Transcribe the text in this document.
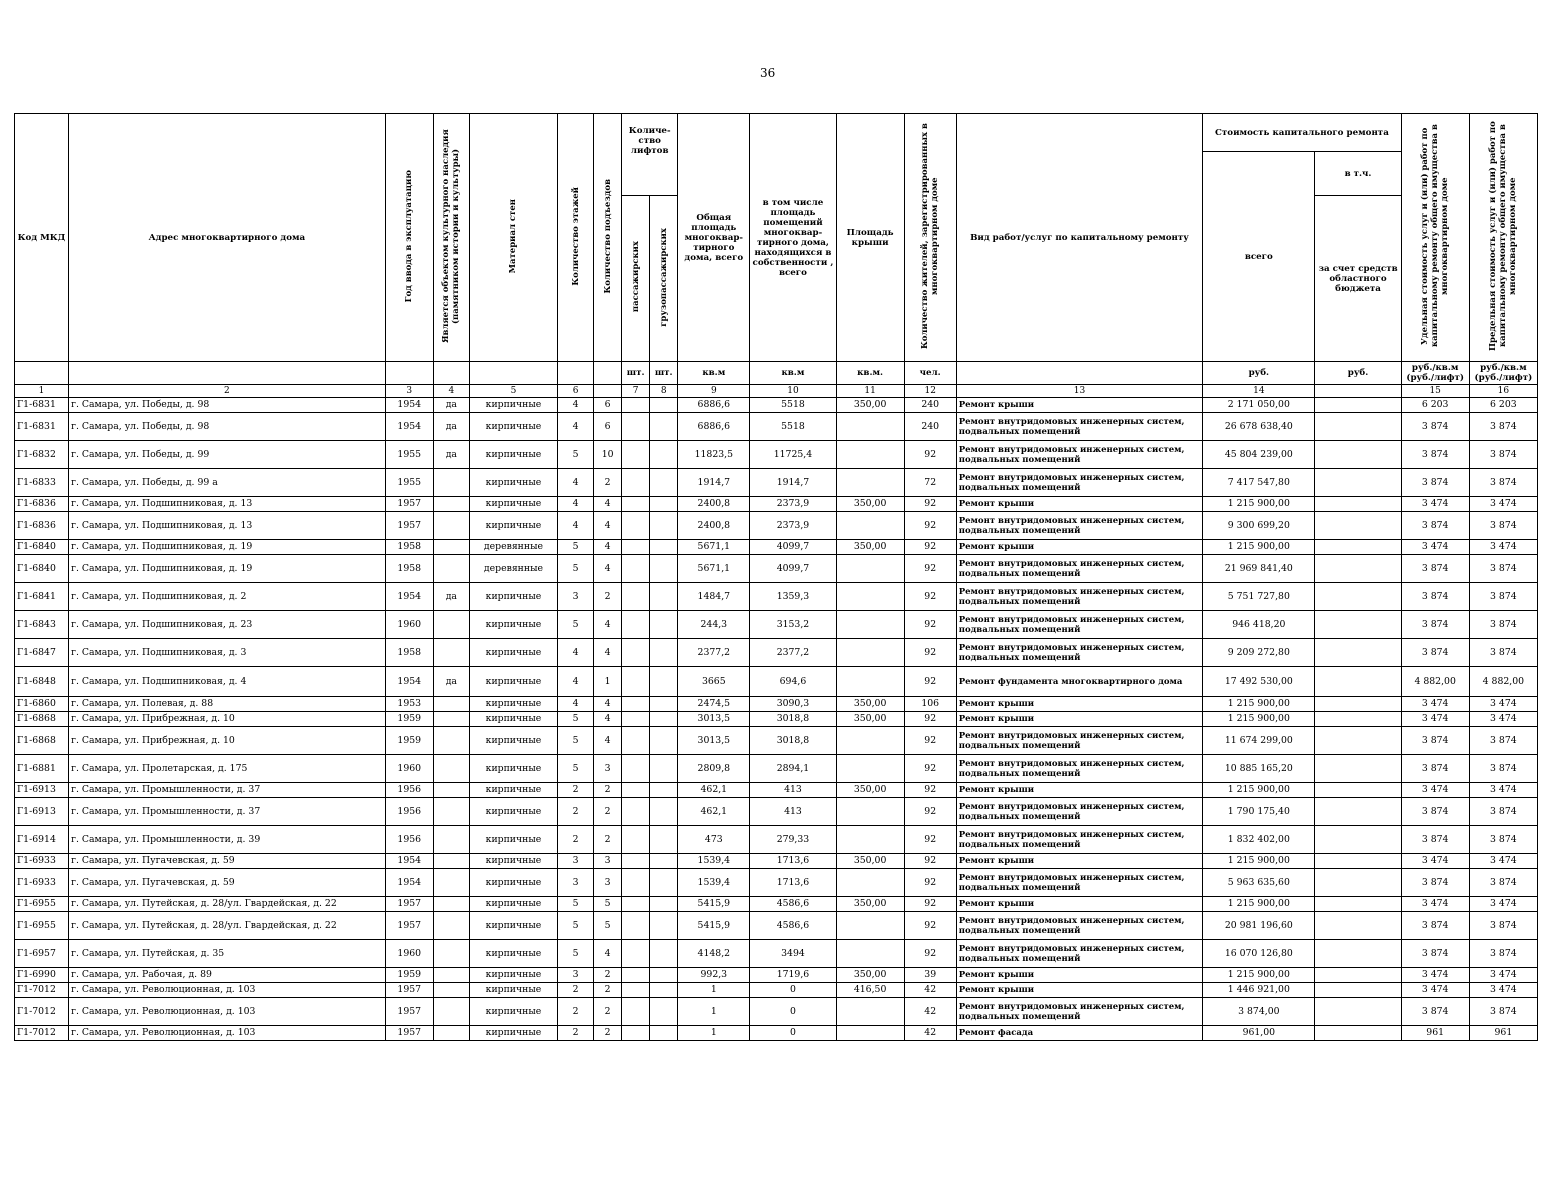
36
Код МКД	Адрес многоквартирного дома	Год ввода в эксплуатацию	Является объектом культурного наследия (памятником истории и культуры)	Материал стен	Количество этажей	Количество подъездов	Количе- ство лифтов		Общая площадь многоквар- тирного дома, всего	в том числе площадь помещений многоквар- тирного дома, находящихся в собственности , всего	Площадь крыши	Количество жителей, зарегистрированных в многоквартирном доме	Вид работ/услуг по капитальному ремонту	Стоимость капитального ремонта		Удельная стоимость услуг и (или) работ по капитальному ремонту общего имущества в многоквартирном доме	Предельная стоимость услуг и (или) работ по капитальному ремонту общего имущества в многоквартирном доме
														всего	в т.ч.		
							пассажирских	грузопассажирских							за счет средств областного бюджета		
							шт.	шт.	кв.м	кв.м	кв.м.	чел.		руб.	руб.	руб./кв.м (руб./лифт)	руб./кв.м (руб./лифт)
1	2	3	4	5	6		7	8	9	10	11	12	13	14		15	16
Г1-6831	г. Самара, ул. Победы, д. 98	1954	да	кирпичные	4	6			6886,6	5518	350,00	240	Ремонт крыши	2 171 050,00		6 203	6 203
Г1-6831	г. Самара, ул. Победы, д. 98	1954	да	кирпичные	4	6			6886,6	5518		240	Ремонт внутридомовых инженерных систем, подвальных помещений	26 678 638,40		3 874	3 874
Г1-6832	г. Самара, ул. Победы, д. 99	1955	да	кирпичные	5	10			11823,5	11725,4		92	Ремонт внутридомовых инженерных систем, подвальных помещений	45 804 239,00		3 874	3 874
Г1-6833	г. Самара, ул. Победы, д. 99 а	1955		кирпичные	4	2			1914,7	1914,7		72	Ремонт внутридомовых инженерных систем, подвальных помещений	7 417 547,80		3 874	3 874
Г1-6836	г. Самара, ул. Подшипниковая, д. 13	1957		кирпичные	4	4			2400,8	2373,9	350,00	92	Ремонт крыши	1 215 900,00		3 474	3 474
Г1-6836	г. Самара, ул. Подшипниковая, д. 13	1957		кирпичные	4	4			2400,8	2373,9		92	Ремонт внутридомовых инженерных систем, подвальных помещений	9 300 699,20		3 874	3 874
Г1-6840	г. Самара, ул. Подшипниковая, д. 19	1958		деревянные	5	4			5671,1	4099,7	350,00	92	Ремонт крыши	1 215 900,00		3 474	3 474
Г1-6840	г. Самара, ул. Подшипниковая, д. 19	1958		деревянные	5	4			5671,1	4099,7		92	Ремонт внутридомовых инженерных систем, подвальных помещений	21 969 841,40		3 874	3 874
Г1-6841	г. Самара, ул. Подшипниковая, д. 2	1954	да	кирпичные	3	2			1484,7	1359,3		92	Ремонт внутридомовых инженерных систем, подвальных помещений	5 751 727,80		3 874	3 874
Г1-6843	г. Самара, ул. Подшипниковая, д. 23	1960		кирпичные	5	4			244,3	3153,2		92	Ремонт внутридомовых инженерных систем, подвальных помещений	946 418,20		3 874	3 874
Г1-6847	г. Самара, ул. Подшипниковая, д. 3	1958		кирпичные	4	4			2377,2	2377,2		92	Ремонт внутридомовых инженерных систем, подвальных помещений	9 209 272,80		3 874	3 874
Г1-6848	г. Самара, ул. Подшипниковая, д. 4	1954	да	кирпичные	4	1			3665	694,6		92	Ремонт фундамента многоквартирного дома	17 492 530,00		4 882,00	4 882,00
Г1-6860	г. Самара, ул. Полевая, д. 88	1953		кирпичные	4	4			2474,5	3090,3	350,00	106	Ремонт крыши	1 215 900,00		3 474	3 474
Г1-6868	г. Самара, ул. Прибрежная, д. 10	1959		кирпичные	5	4			3013,5	3018,8	350,00	92	Ремонт крыши	1 215 900,00		3 474	3 474
Г1-6868	г. Самара, ул. Прибрежная, д. 10	1959		кирпичные	5	4			3013,5	3018,8		92	Ремонт внутридомовых инженерных систем, подвальных помещений	11 674 299,00		3 874	3 874
Г1-6881	г. Самара, ул. Пролетарская, д. 175	1960		кирпичные	5	3			2809,8	2894,1		92	Ремонт внутридомовых инженерных систем, подвальных помещений	10 885 165,20		3 874	3 874
Г1-6913	г. Самара, ул. Промышленности, д. 37	1956		кирпичные	2	2			462,1	413	350,00	92	Ремонт крыши	1 215 900,00		3 474	3 474
Г1-6913	г. Самара, ул. Промышленности, д. 37	1956		кирпичные	2	2			462,1	413		92	Ремонт внутридомовых инженерных систем, подвальных помещений	1 790 175,40		3 874	3 874
Г1-6914	г. Самара, ул. Промышленности, д. 39	1956		кирпичные	2	2			473	279,33		92	Ремонт внутридомовых инженерных систем, подвальных помещений	1 832 402,00		3 874	3 874
Г1-6933	г. Самара, ул. Пугачевская, д. 59	1954		кирпичные	3	3			1539,4	1713,6	350,00	92	Ремонт крыши	1 215 900,00		3 474	3 474
Г1-6933	г. Самара, ул. Пугачевская, д. 59	1954		кирпичные	3	3			1539,4	1713,6		92	Ремонт внутридомовых инженерных систем, подвальных помещений	5 963 635,60		3 874	3 874
Г1-6955	г. Самара, ул. Путейская, д. 28/ул. Гвардейская, д. 22	1957		кирпичные	5	5			5415,9	4586,6	350,00	92	Ремонт крыши	1 215 900,00		3 474	3 474
Г1-6955	г. Самара, ул. Путейская, д. 28/ул. Гвардейская, д. 22	1957		кирпичные	5	5			5415,9	4586,6		92	Ремонт внутридомовых инженерных систем, подвальных помещений	20 981 196,60		3 874	3 874
Г1-6957	г. Самара, ул. Путейская, д. 35	1960		кирпичные	5	4			4148,2	3494		92	Ремонт внутридомовых инженерных систем, подвальных помещений	16 070 126,80		3 874	3 874
Г1-6990	г. Самара, ул. Рабочая, д. 89	1959		кирпичные	3	2			992,3	1719,6	350,00	39	Ремонт крыши	1 215 900,00		3 474	3 474
Г1-7012	г. Самара, ул. Революционная, д. 103	1957		кирпичные	2	2			1	0	416,50	42	Ремонт крыши	1 446 921,00		3 474	3 474
Г1-7012	г. Самара, ул. Революционная, д. 103	1957		кирпичные	2	2			1	0		42	Ремонт внутридомовых инженерных систем, подвальных помещений	3 874,00		3 874	3 874
Г1-7012	г. Самара, ул. Революционная, д. 103	1957		кирпичные	2	2			1	0		42	Ремонт фасада	961,00		961	961
